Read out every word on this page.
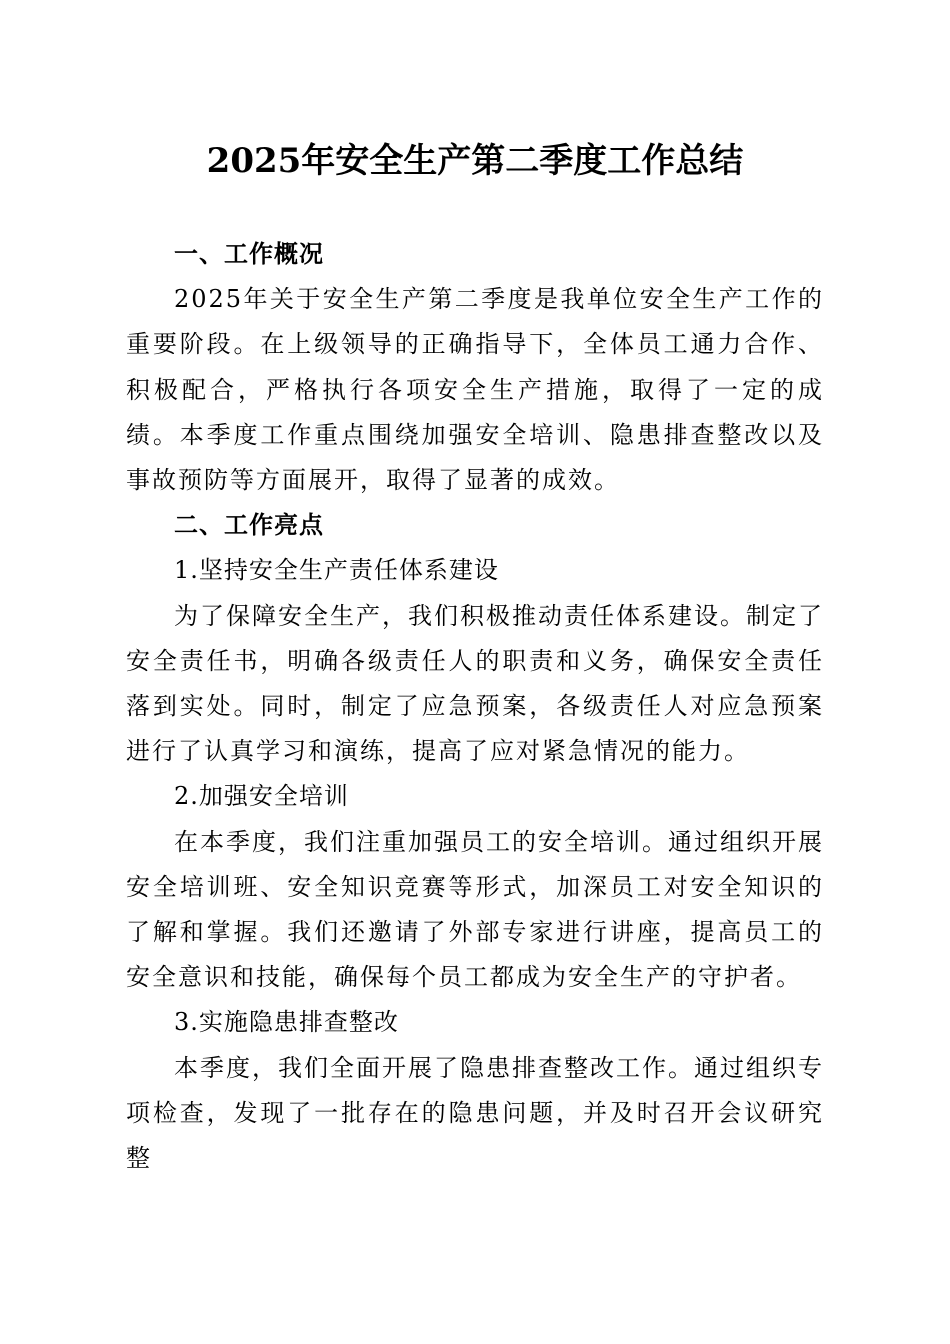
2025年安全生产第二季度工作总结

一、工作概况

2025年关于安全生产第二季度是我单位安全生产工作的重要阶段。在上级领导的正确指导下，全体员工通力合作、积极配合，严格执行各项安全生产措施，取得了一定的成绩。本季度工作重点围绕加强安全培训、隐患排查整改以及事故预防等方面展开，取得了显著的成效。

二、工作亮点

1.坚持安全生产责任体系建设

为了保障安全生产，我们积极推动责任体系建设。制定了安全责任书，明确各级责任人的职责和义务，确保安全责任落到实处。同时，制定了应急预案，各级责任人对应急预案进行了认真学习和演练，提高了应对紧急情况的能力。

2.加强安全培训

在本季度，我们注重加强员工的安全培训。通过组织开展安全培训班、安全知识竞赛等形式，加深员工对安全知识的了解和掌握。我们还邀请了外部专家进行讲座，提高员工的安全意识和技能，确保每个员工都成为安全生产的守护者。

3.实施隐患排查整改

本季度，我们全面开展了隐患排查整改工作。通过组织专项检查，发现了一批存在的隐患问题，并及时召开会议研究整
